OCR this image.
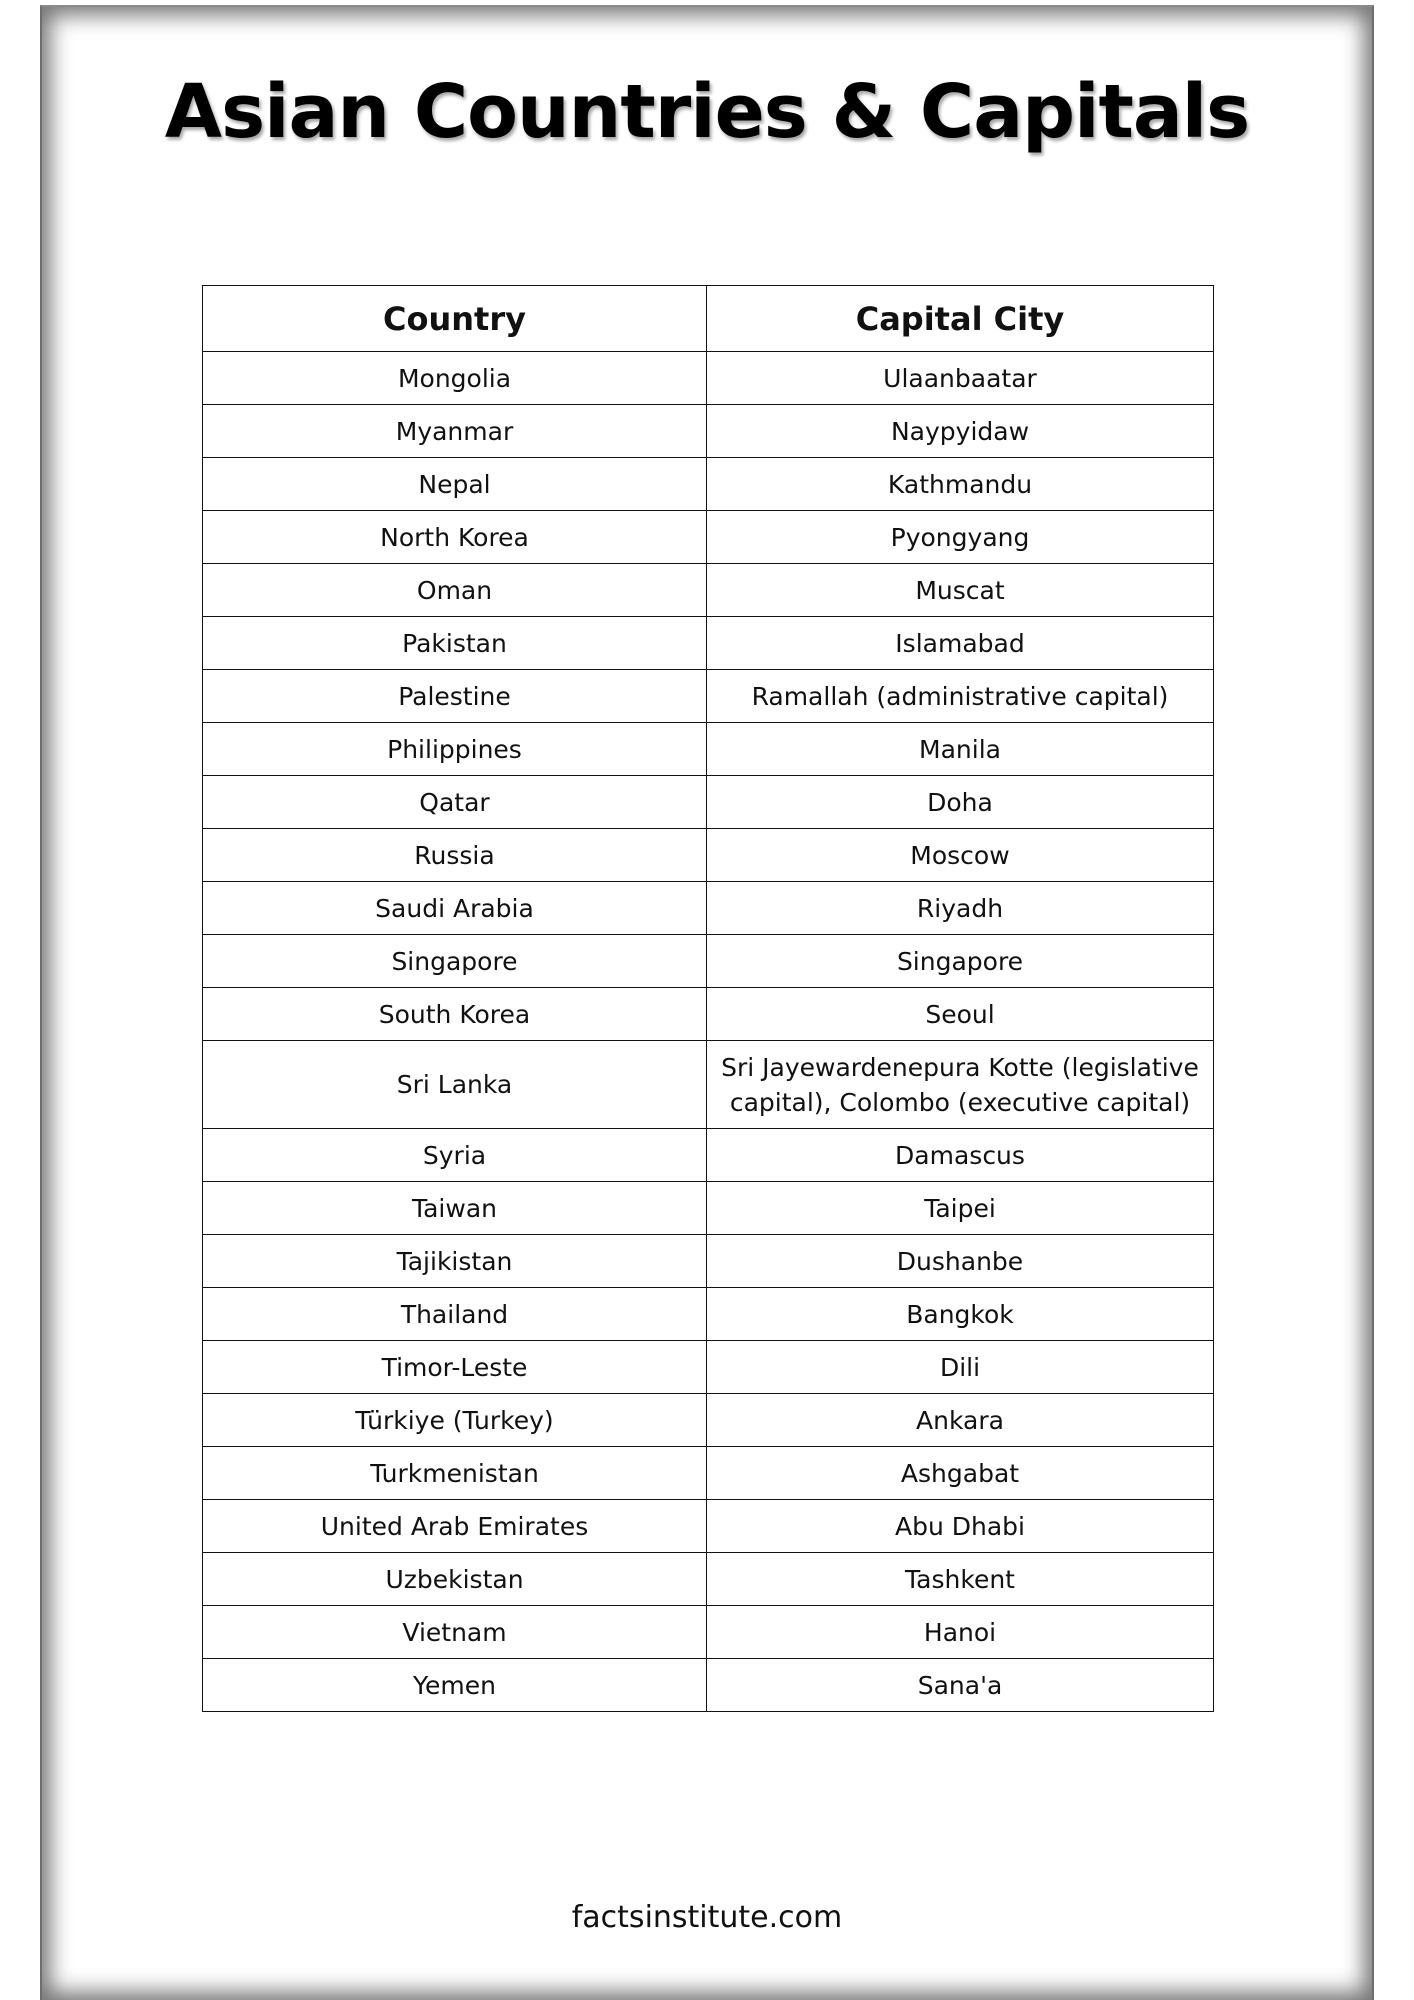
Asian Countries & Capitals
Country	Capital City
Mongolia	Ulaanbaatar
Myanmar	Naypyidaw
Nepal	Kathmandu
North Korea	Pyongyang
Oman	Muscat
Pakistan	Islamabad
Palestine	Ramallah (administrative capital)
Philippines	Manila
Qatar	Doha
Russia	Moscow
Saudi Arabia	Riyadh
Singapore	Singapore
South Korea	Seoul
Sri Lanka	Sri Jayewardenepura Kotte (legislative capital), Colombo (executive capital)
Syria	Damascus
Taiwan	Taipei
Tajikistan	Dushanbe
Thailand	Bangkok
Timor-Leste	Dili
Türkiye (Turkey)	Ankara
Turkmenistan	Ashgabat
United Arab Emirates	Abu Dhabi
Uzbekistan	Tashkent
Vietnam	Hanoi
Yemen	Sana'a
factsinstitute.com
